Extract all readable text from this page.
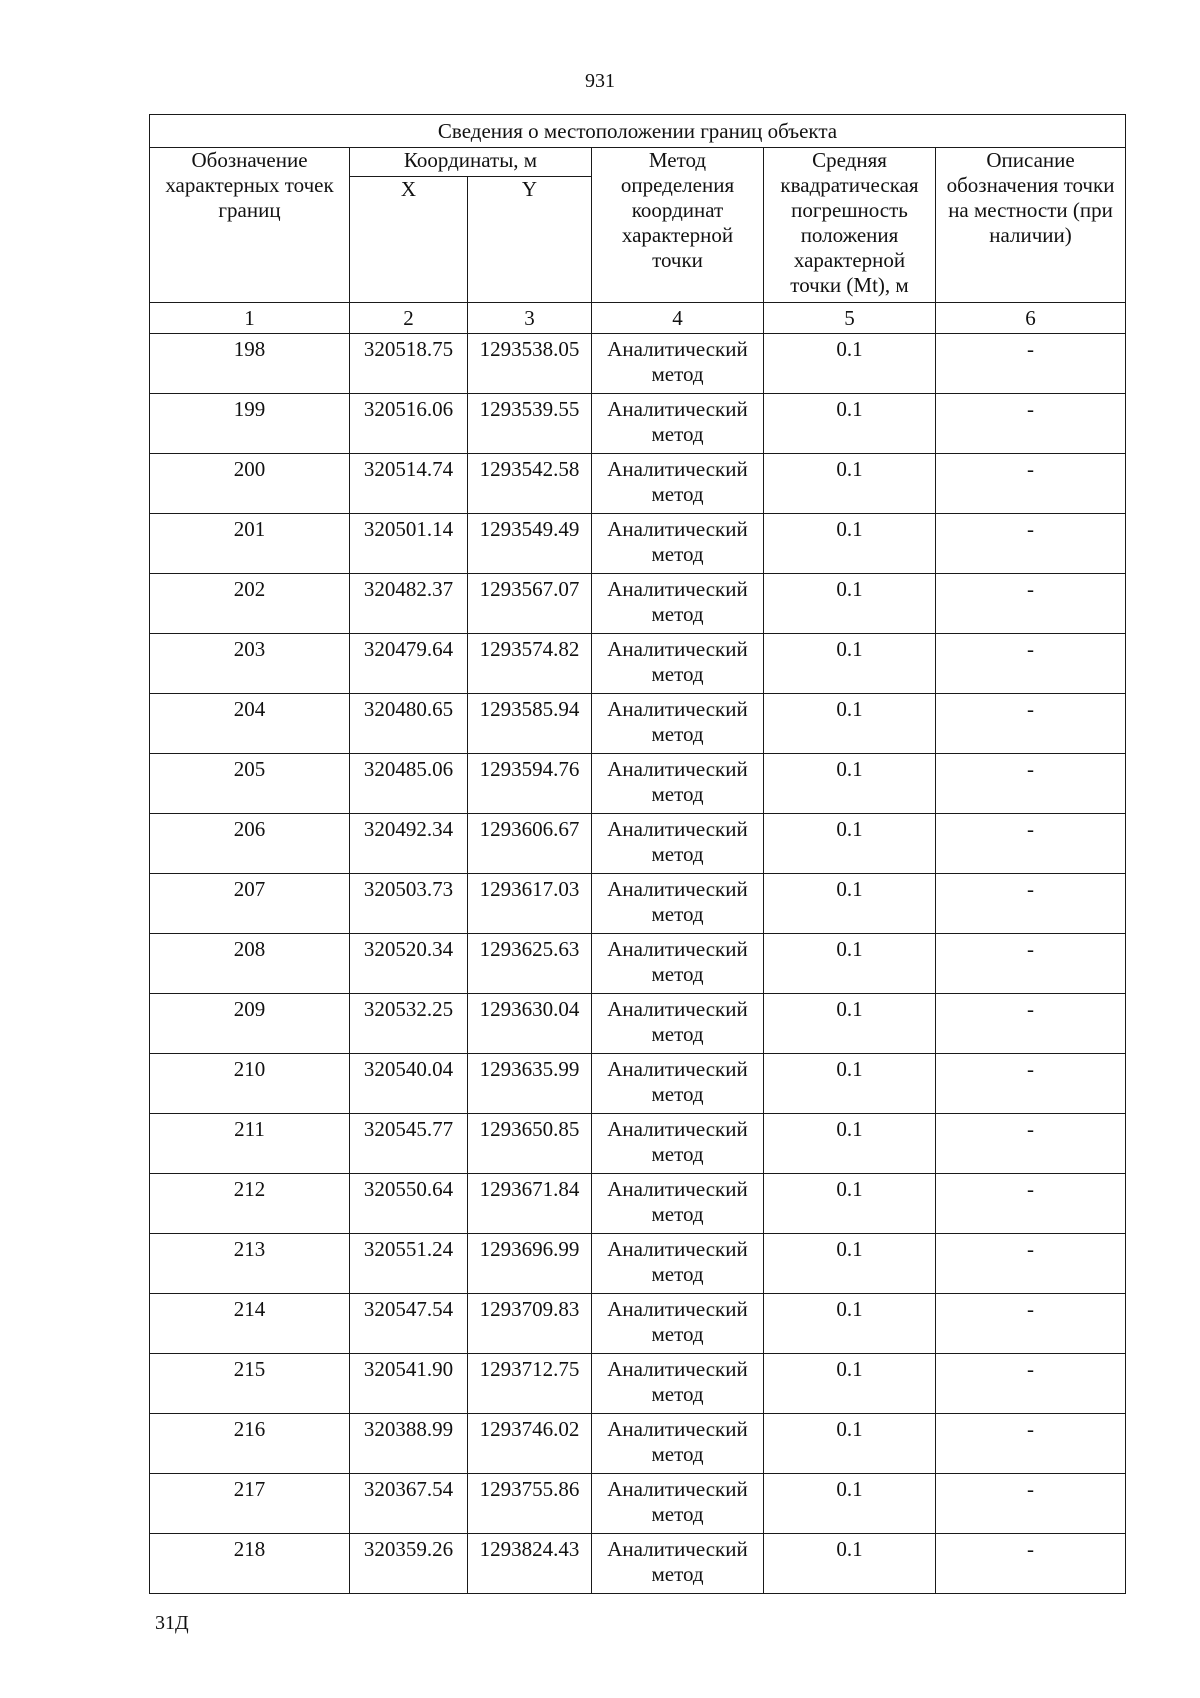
931
Сведения о местоположении границ объекта					
Обозначение характерных точек границ	Координаты, м		Метод определения координат характерной точки	Средняя квадратическая погрешность положения характерной точки (Mt), м	Описание обозначения точки на местности (при наличии)
	X	Y			
1	2	3	4	5	6
198	320518.75	1293538.05	Аналитический метод	0.1	-
199	320516.06	1293539.55	Аналитический метод	0.1	-
200	320514.74	1293542.58	Аналитический метод	0.1	-
201	320501.14	1293549.49	Аналитический метод	0.1	-
202	320482.37	1293567.07	Аналитический метод	0.1	-
203	320479.64	1293574.82	Аналитический метод	0.1	-
204	320480.65	1293585.94	Аналитический метод	0.1	-
205	320485.06	1293594.76	Аналитический метод	0.1	-
206	320492.34	1293606.67	Аналитический метод	0.1	-
207	320503.73	1293617.03	Аналитический метод	0.1	-
208	320520.34	1293625.63	Аналитический метод	0.1	-
209	320532.25	1293630.04	Аналитический метод	0.1	-
210	320540.04	1293635.99	Аналитический метод	0.1	-
211	320545.77	1293650.85	Аналитический метод	0.1	-
212	320550.64	1293671.84	Аналитический метод	0.1	-
213	320551.24	1293696.99	Аналитический метод	0.1	-
214	320547.54	1293709.83	Аналитический метод	0.1	-
215	320541.90	1293712.75	Аналитический метод	0.1	-
216	320388.99	1293746.02	Аналитический метод	0.1	-
217	320367.54	1293755.86	Аналитический метод	0.1	-
218	320359.26	1293824.43	Аналитический метод	0.1	-
31Д
